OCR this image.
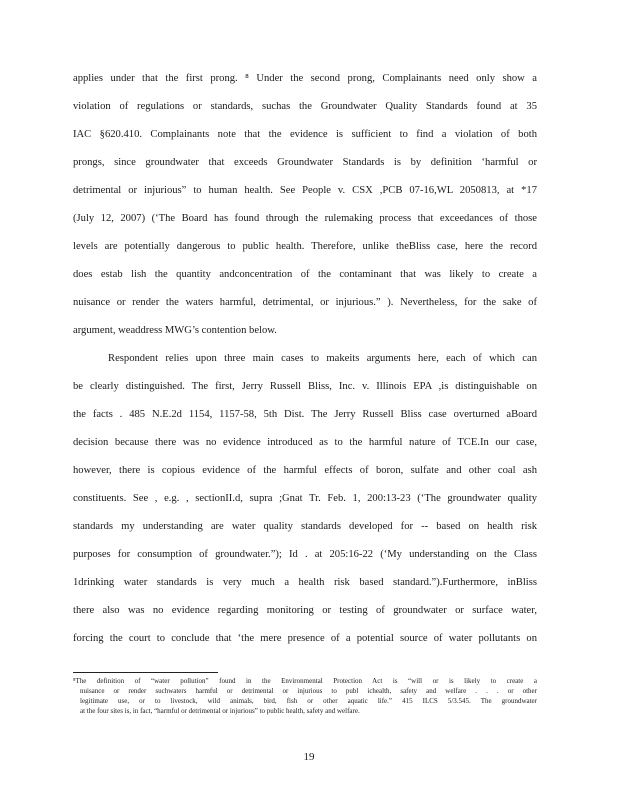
applies under that the first prong. ⁸ Under the second prong, Complainants need only show a
violation of regulations or standards, suchas the Groundwater Quality Standards found at 35
IAC §620.410. Complainants note that the evidence is sufficient to find a violation of both
prongs, since groundwater that exceeds Groundwater Standards is by definition ‘harmful or
detrimental or injurious” to human health. See People v. CSX ,PCB 07-16,WL 2050813, at *17
(July 12, 2007) (‘The Board has found through the rulemaking process that exceedances of those
levels are potentially dangerous to public health. Therefore, unlike theBliss case, here the record
does estab lish the quantity andconcentration of the contaminant that was likely to create a
nuisance or render the waters harmful, detrimental, or injurious.” ). Nevertheless, for the sake of
argument, weaddress MWG’s contention below.
Respondent relies upon three main cases to makeits arguments here, each of which can
be clearly distinguished. The first, Jerry Russell Bliss, Inc. v. Illinois EPA ,is distinguishable on
the facts . 485 N.E.2d 1154, 1157-58, 5th Dist. The Jerry Russell Bliss case overturned aBoard
decision because there was no evidence introduced as to the harmful nature of TCE.In our case,
however, there is copious evidence of the harmful effects of boron, sulfate and other coal ash
constituents. See , e.g. , sectionII.d, supra ;Gnat Tr. Feb. 1, 200:13-23 (‘The groundwater quality
standards my understanding are water quality standards developed for -- based on health risk
purposes for consumption of groundwater.”); Id . at 205:16-22 (‘My understanding on the Class
1drinking water standards is very much a health risk based standard.”).Furthermore, inBliss
there also was no evidence regarding monitoring or testing of groundwater or surface water,
forcing the court to conclude that ‘the mere presence of a potential source of water pollutants on
⁸The definition of “water pollution” found in the Environmental Protection Act is “will or is likely to create a
nuisance or render suchwaters harmful or detrimental or injurious to publ ichealth, safety and welfare . . . or other
legitimate use, or to livestock, wild animals, bird, fish or other aquatic life.” 415 ILCS 5/3.545. The groundwater
at the four sites is, in fact, “harmful or detrimental or injurious” to public health, safety and welfare.
19
